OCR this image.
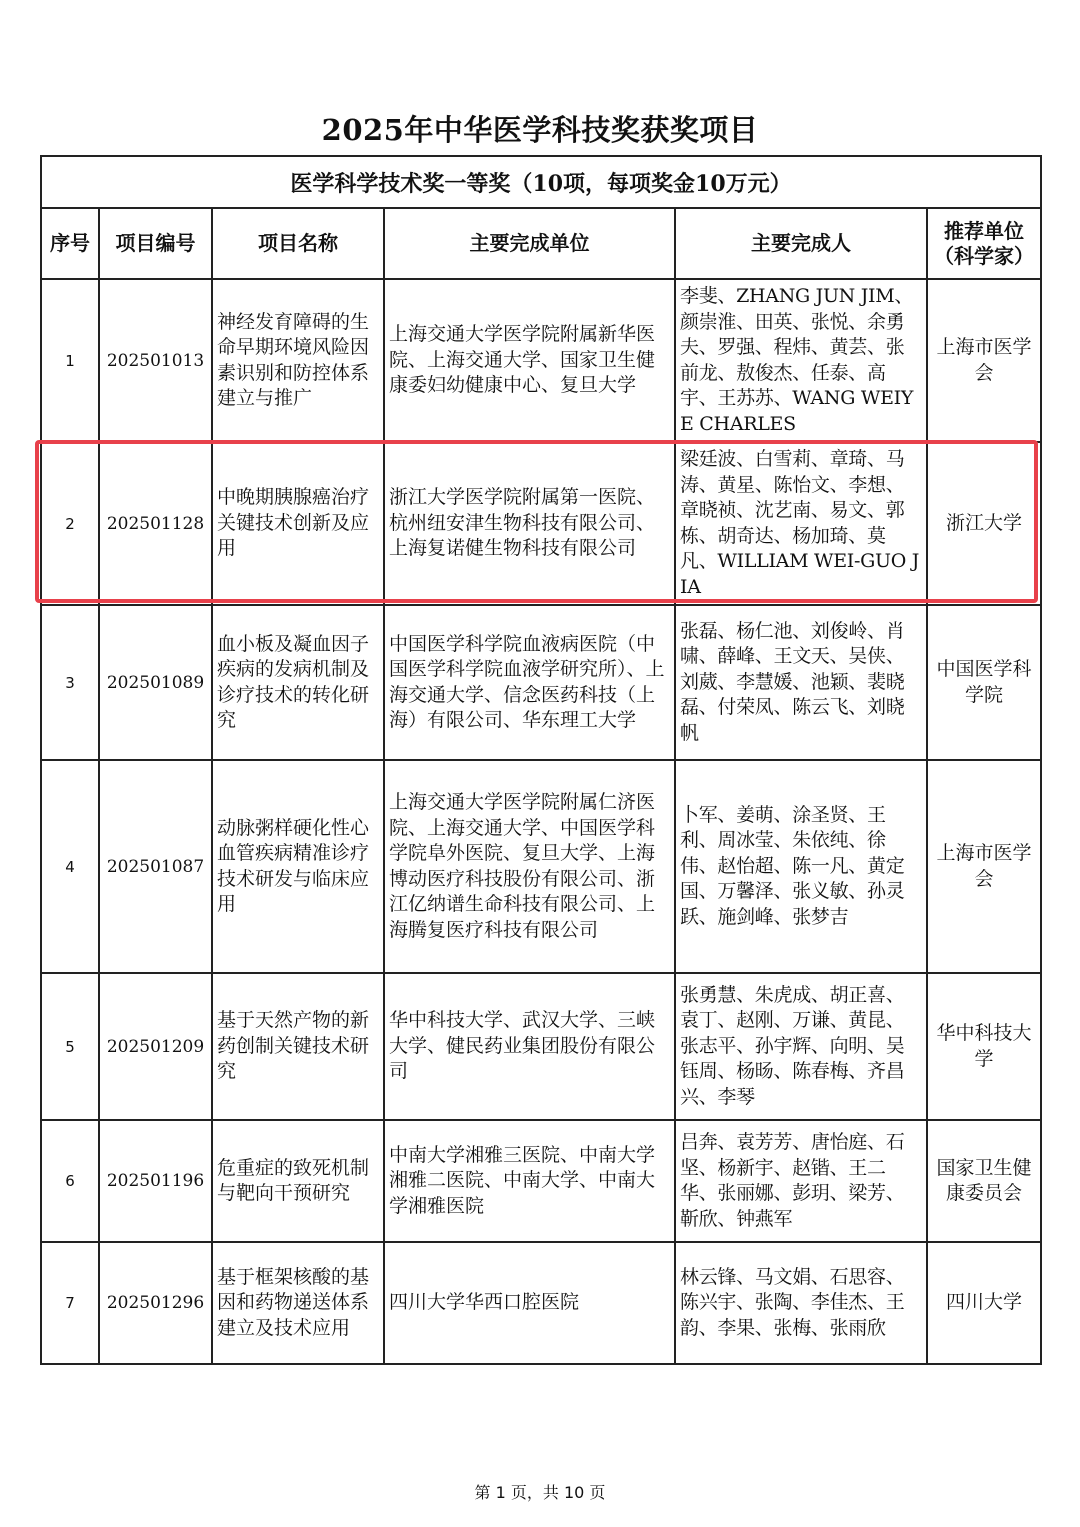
2025年中华医学科技奖获奖项目
医学科学技术奖一等奖（10项，每项奖金10万元）					
序号	项目编号	项目名称	主要完成单位	主要完成人	推荐单位（科学家）
1	202501013	神经发育障碍的生命早期环境风险因素识别和防控体系建立与推广	上海交通大学医学院附属新华医院、上海交通大学、国家卫生健康委妇幼健康中心、复旦大学	李斐、ZHANG JUN JIM、颜崇淮、田英、张悦、余勇夫、罗强、程炜、黄芸、张前龙、敖俊杰、任泰、高宇、王苏苏、WANG WEIYE CHARLES	上海市医学会
2	202501128	中晚期胰腺癌治疗关键技术创新及应用	浙江大学医学院附属第一医院、杭州纽安津生物科技有限公司、上海复诺健生物科技有限公司	梁廷波、白雪莉、章琦、马涛、黄星、陈怡文、李想、章晓祯、沈艺南、易文、郭栋、胡奇达、杨加琦、莫凡、WILLIAM WEI-GUO JIA	浙江大学
3	202501089	血小板及凝血因子疾病的发病机制及诊疗技术的转化研究	中国医学科学院血液病医院（中国医学科学院血液学研究所）、上海交通大学、信念医药科技（上海）有限公司、华东理工大学	张磊、杨仁池、刘俊岭、肖啸、薛峰、王文天、吴侠、刘葳、李慧媛、池颖、裴晓磊、付荣凤、陈云飞、刘晓帆	中国医学科学院
4	202501087	动脉粥样硬化性心血管疾病精准诊疗技术研发与临床应用	上海交通大学医学院附属仁济医院、上海交通大学、中国医学科学院阜外医院、复旦大学、上海博动医疗科技股份有限公司、浙江亿纳谱生命科技有限公司、上海腾复医疗科技有限公司	卜军、姜萌、涂圣贤、王利、周冰莹、朱依纯、徐伟、赵怡超、陈一凡、黄定国、万馨泽、张义敏、孙灵跃、施剑峰、张梦吉	上海市医学会
5	202501209	基于天然产物的新药创制关键技术研究	华中科技大学、武汉大学、三峡大学、健民药业集团股份有限公司	张勇慧、朱虎成、胡正喜、袁丁、赵刚、万谦、黄昆、张志平、孙宇辉、向明、吴钰周、杨旸、陈春梅、齐昌兴、李琴	华中科技大学
6	202501196	危重症的致死机制与靶向干预研究	中南大学湘雅三医院、中南大学湘雅二医院、中南大学、中南大学湘雅医院	吕奔、袁芳芳、唐怡庭、石坚、杨新宇、赵锴、王二华、张丽娜、彭玥、梁芳、靳欣、钟燕军	国家卫生健康委员会
7	202501296	基于框架核酸的基因和药物递送体系建立及技术应用	四川大学华西口腔医院	林云锋、马文娟、石思容、陈兴宇、张陶、李佳杰、王韵、李果、张梅、张雨欣	四川大学
第 1 页，共 10 页
